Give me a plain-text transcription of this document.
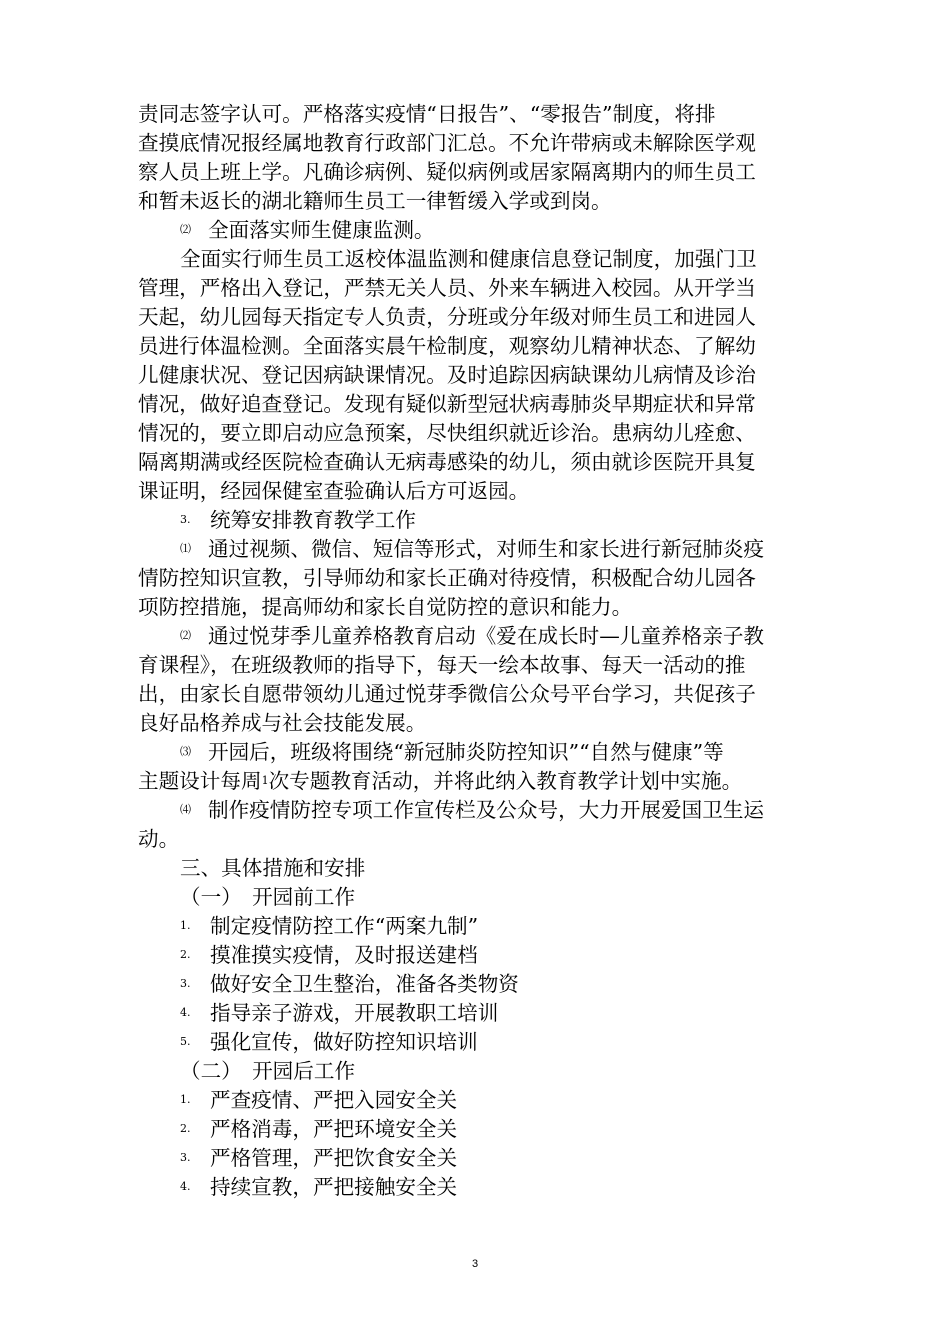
责同志签字认可。严格落实疫情“日报告”、“零报告”制度，将排
查摸底情况报经属地教育行政部门汇总。不允许带病或未解除医学观
察人员上班上学。凡确诊病例、疑似病例或居家隔离期内的师生员工
和暂未返长的湖北籍师生员工一律暂缓入学或到岗。
⑵ 全面落实师生健康监测。
全面实行师生员工返校体温监测和健康信息登记制度，加强门卫
管理，严格出入登记，严禁无关人员、外来车辆进入校园。从开学当
天起，幼儿园每天指定专人负责，分班或分年级对师生员工和进园人
员进行体温检测。全面落实晨午检制度，观察幼儿精神状态、了解幼
儿健康状况、登记因病缺课情况。及时追踪因病缺课幼儿病情及诊治
情况，做好追查登记。发现有疑似新型冠状病毒肺炎早期症状和异常
情况的，要立即启动应急预案，尽快组织就近诊治。患病幼儿痊愈、
隔离期满或经医院检查确认无病毒感染的幼儿，须由就诊医院开具复
课证明，经园保健室查验确认后方可返园。
3. 统筹安排教育教学工作
⑴ 通过视频、微信、短信等形式，对师生和家长进行新冠肺炎疫
情防控知识宣教，引导师幼和家长正确对待疫情，积极配合幼儿园各
项防控措施，提高师幼和家长自觉防控的意识和能力。
⑵ 通过悦芽季儿童养格教育启动《爱在成长时—儿童养格亲子教
育课程》，在班级教师的指导下，每天一绘本故事、每天一活动的推
出，由家长自愿带领幼儿通过悦芽季微信公众号平台学习，共促孩子
良好品格养成与社会技能发展。
⑶ 开园后，班级将围绕“新冠肺炎防控知识”“自然与健康”等
主题设计每周1次专题教育活动，并将此纳入教育教学计划中实施。
⑷ 制作疫情防控专项工作宣传栏及公众号，大力开展爱国卫生运
动。
三、具体措施和安排
（一）　开园前工作
1. 制定疫情防控工作“两案九制”
2. 摸准摸实疫情，及时报送建档
3. 做好安全卫生整治，准备各类物资
4. 指导亲子游戏，开展教职工培训
5. 强化宣传，做好防控知识培训
（二）　开园后工作
1. 严查疫情、严把入园安全关
2. 严格消毒，严把环境安全关
3. 严格管理，严把饮食安全关
4. 持续宣教，严把接触安全关
3
